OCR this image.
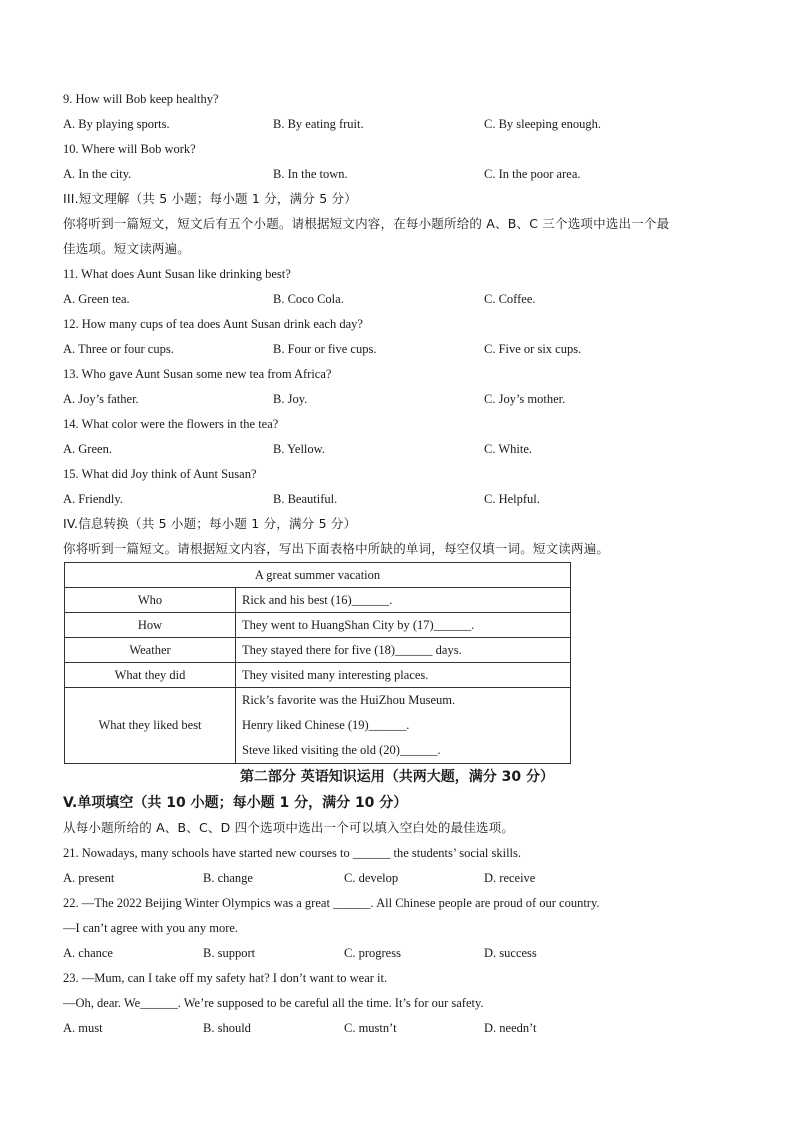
9. How will Bob keep healthy?
A. By playing sports.	B. By eating fruit.	C. By sleeping enough.
10. Where will Bob work?
A. In the city.	B. In the town.	C. In the poor area.
III.短文理解（共 5 小题；每小题 1 分，满分 5 分）
你将听到一篇短文，短文后有五个小题。请根据短文内容，在每小题所给的 A、B、C 三个选项中选出一个最
佳选项。短文读两遍。
11. What does Aunt Susan like drinking best?
A. Green tea.	B. Coco Cola.	C. Coffee.
12. How many cups of tea does Aunt Susan drink each day?
A. Three or four cups.	B. Four or five cups.	C. Five or six cups.
13. Who gave Aunt Susan some new tea from Africa?
A. Joy’s father.	B. Joy.	C. Joy’s mother.
14. What color were the flowers in the tea?
A. Green.	B. Yellow.	C. White.
15. What did Joy think of Aunt Susan?
A. Friendly.	B. Beautiful.	C. Helpful.
IV.信息转换（共 5 小题；每小题 1 分，满分 5 分）
你将听到一篇短文。请根据短文内容，写出下面表格中所缺的单词，每空仅填一词。短文读两遍。
A great summer vacation	
Who	Rick and his best (16)______.
How	They went to HuangShan City by (17)______.
Weather	They stayed there for five (18)______ days.
What they did	They visited many interesting places.
What they liked best	Rick’s favorite was the HuiZhou Museum.
Henry liked Chinese (19)______.
Steve liked visiting the old (20)______.
第二部分 英语知识运用（共两大题，满分 30 分）
V.单项填空（共 10 小题；每小题 1 分，满分 10 分）
从每小题所给的 A、B、C、D 四个选项中选出一个可以填入空白处的最佳选项。
21. Nowadays, many schools have started new courses to ______ the students’ social skills.
A. present	B. change	C. develop	D. receive
22. —The 2022 Beijing Winter Olympics was a great ______. All Chinese people are proud of our country.
—I can’t agree with you any more.
A. chance	B. support	C. progress	D. success
23. —Mum, can I take off my safety hat? I don’t want to wear it.
—Oh, dear. We______. We’re supposed to be careful all the time. It’s for our safety.
A. must	B. should	C. mustn’t	D. needn’t
